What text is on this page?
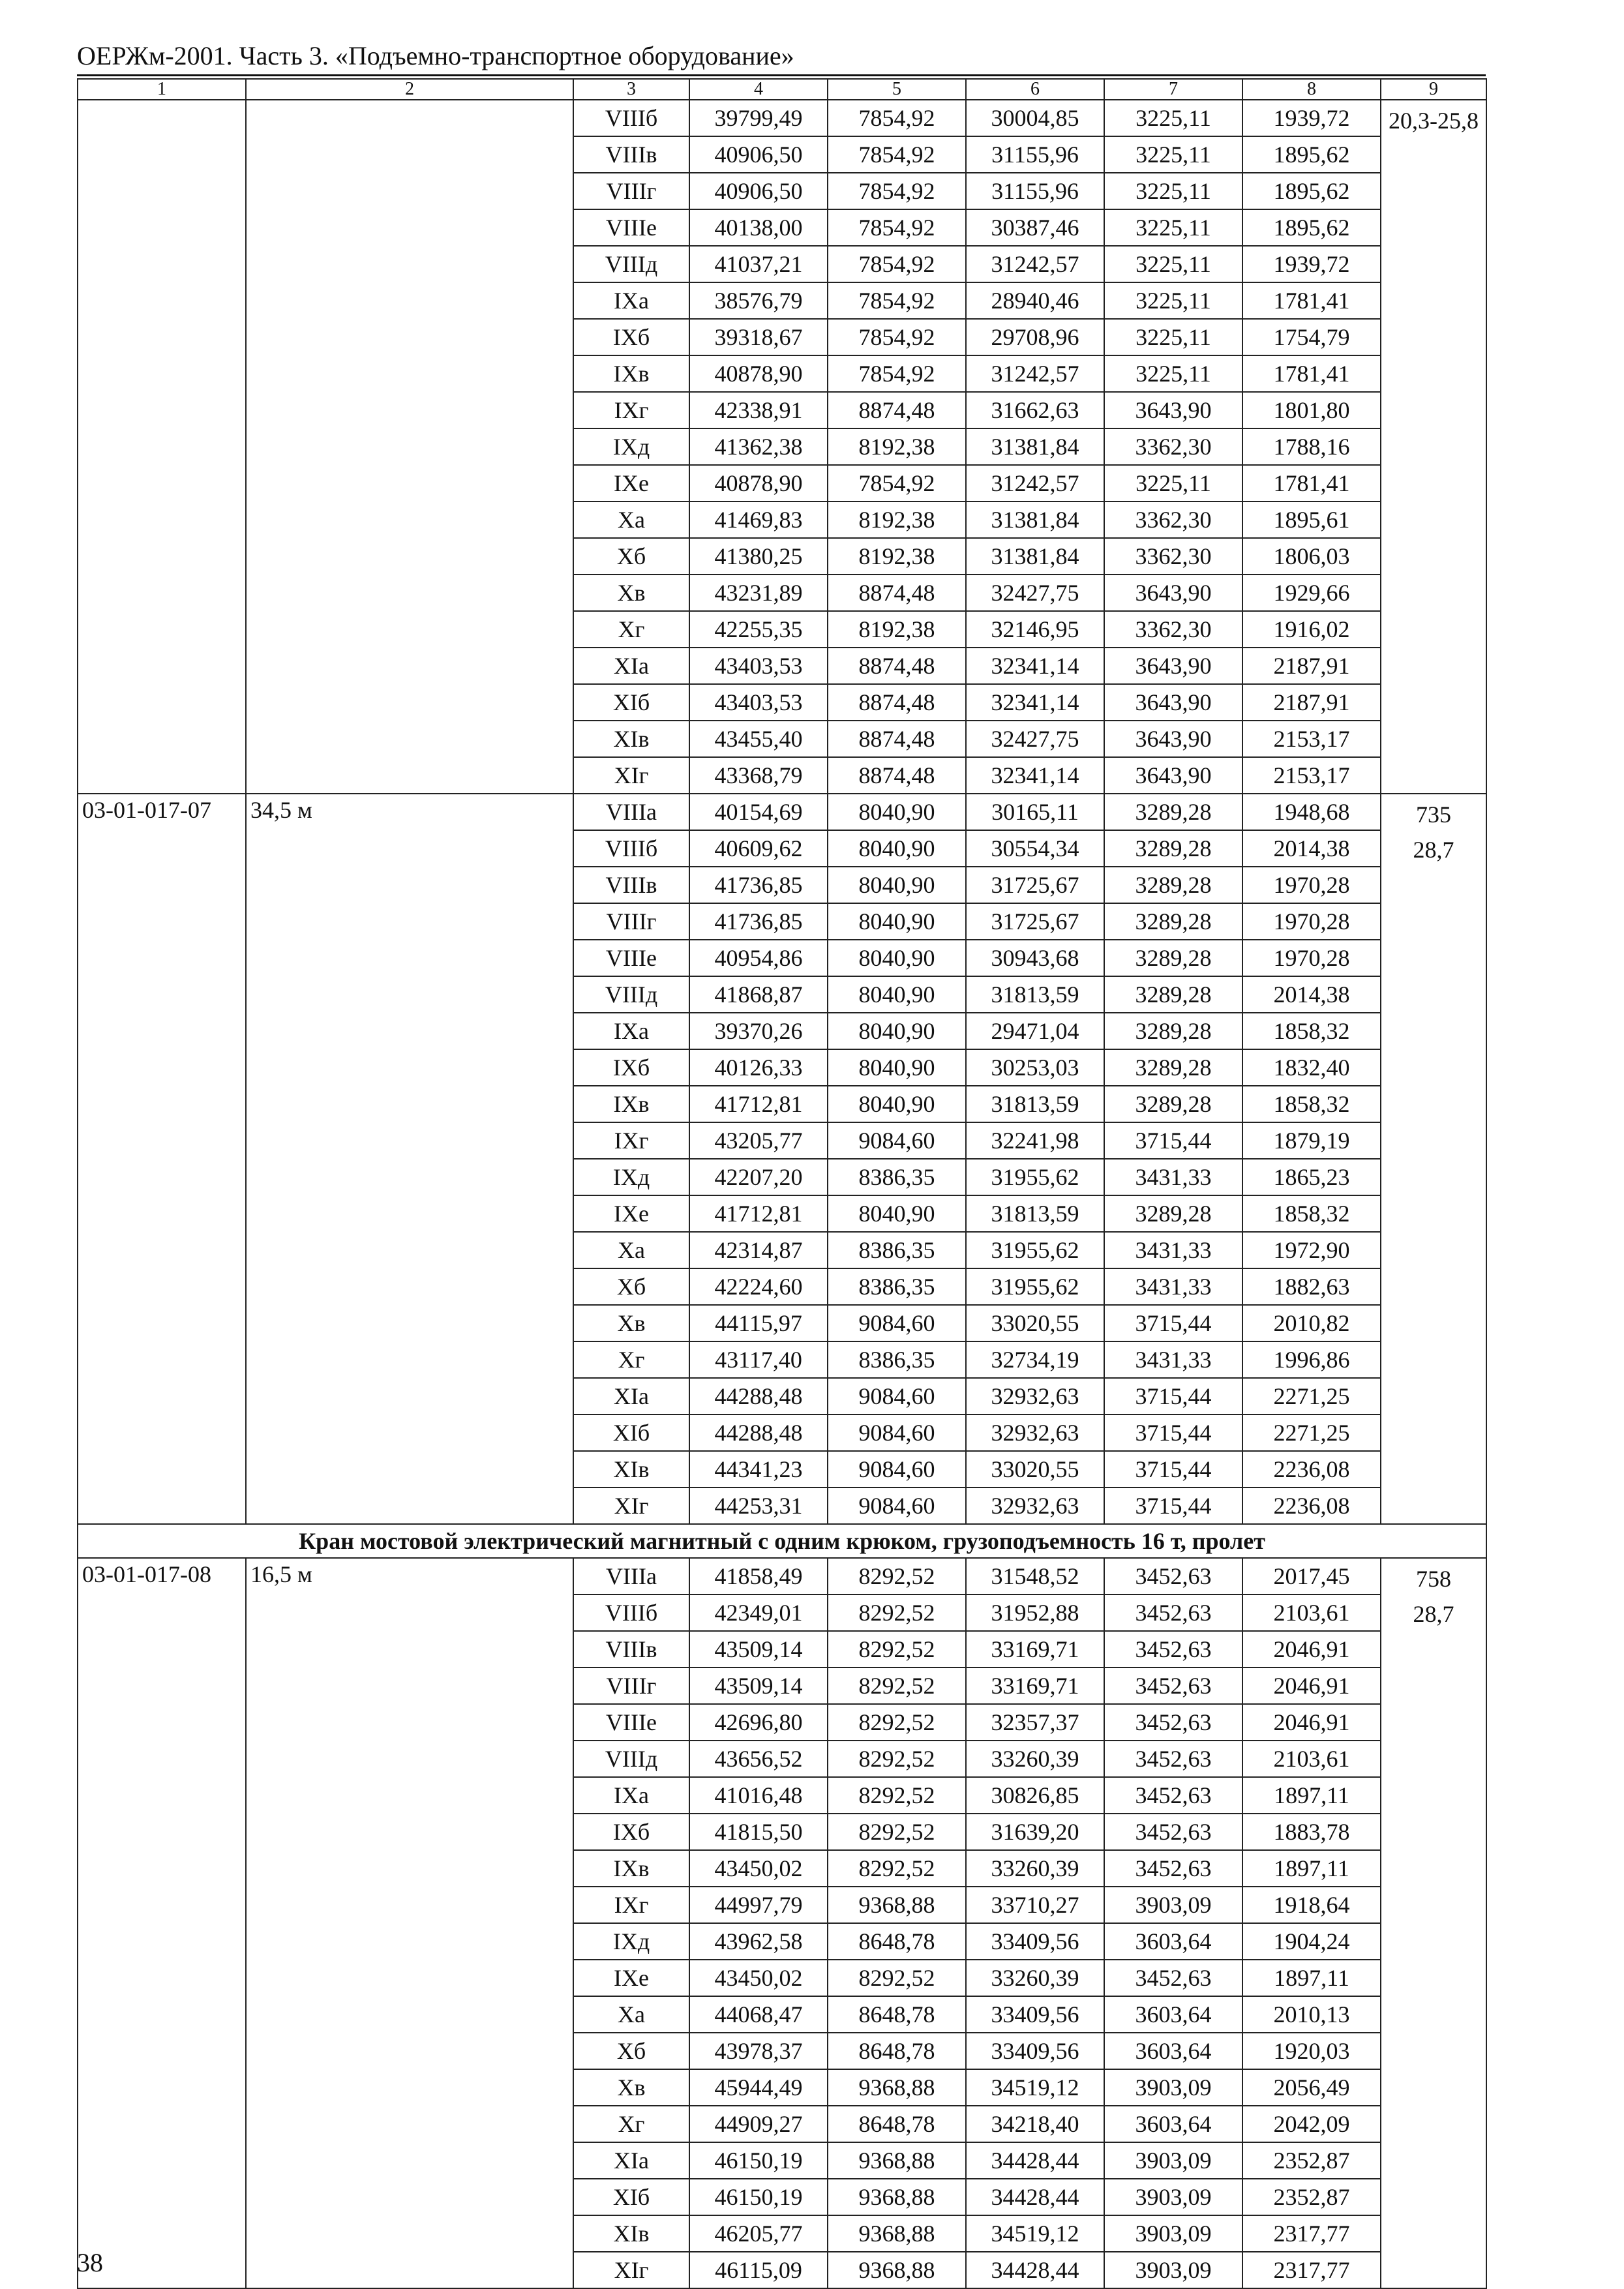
ОЕРЖм-2001. Часть 3. «Подъемно-транспортное оборудование»
1	2	3	4	5	6	7	8	9
		VIIIб	39799,49	7854,92	30004,85	3225,11	1939,72	20,3-25,8

		VIIIв	40906,50	7854,92	31155,96	3225,11	1895,62	
		VIIIг	40906,50	7854,92	31155,96	3225,11	1895,62	
		VIIIе	40138,00	7854,92	30387,46	3225,11	1895,62	
		VIIIд	41037,21	7854,92	31242,57	3225,11	1939,72	
		IXа	38576,79	7854,92	28940,46	3225,11	1781,41	
		IXб	39318,67	7854,92	29708,96	3225,11	1754,79	
		IXв	40878,90	7854,92	31242,57	3225,11	1781,41	
		IXг	42338,91	8874,48	31662,63	3643,90	1801,80	
		IXд	41362,38	8192,38	31381,84	3362,30	1788,16	
		IXе	40878,90	7854,92	31242,57	3225,11	1781,41	
		Xа	41469,83	8192,38	31381,84	3362,30	1895,61	
		Xб	41380,25	8192,38	31381,84	3362,30	1806,03	
		Xв	43231,89	8874,48	32427,75	3643,90	1929,66	
		Xг	42255,35	8192,38	32146,95	3362,30	1916,02	
		XIа	43403,53	8874,48	32341,14	3643,90	2187,91	
		XIб	43403,53	8874,48	32341,14	3643,90	2187,91	
		XIв	43455,40	8874,48	32427,75	3643,90	2153,17	
		XIг	43368,79	8874,48	32341,14	3643,90	2153,17	
03-01-017-07	34,5 м	VIIIа	40154,69	8040,90	30165,11	3289,28	1948,68	735
28,7

		VIIIб	40609,62	8040,90	30554,34	3289,28	2014,38	
		VIIIв	41736,85	8040,90	31725,67	3289,28	1970,28	
		VIIIг	41736,85	8040,90	31725,67	3289,28	1970,28	
		VIIIе	40954,86	8040,90	30943,68	3289,28	1970,28	
		VIIIд	41868,87	8040,90	31813,59	3289,28	2014,38	
		IXа	39370,26	8040,90	29471,04	3289,28	1858,32	
		IXб	40126,33	8040,90	30253,03	3289,28	1832,40	
		IXв	41712,81	8040,90	31813,59	3289,28	1858,32	
		IXг	43205,77	9084,60	32241,98	3715,44	1879,19	
		IXд	42207,20	8386,35	31955,62	3431,33	1865,23	
		IXе	41712,81	8040,90	31813,59	3289,28	1858,32	
		Xа	42314,87	8386,35	31955,62	3431,33	1972,90	
		Xб	42224,60	8386,35	31955,62	3431,33	1882,63	
		Xв	44115,97	9084,60	33020,55	3715,44	2010,82	
		Xг	43117,40	8386,35	32734,19	3431,33	1996,86	
		XIа	44288,48	9084,60	32932,63	3715,44	2271,25	
		XIб	44288,48	9084,60	32932,63	3715,44	2271,25	
		XIв	44341,23	9084,60	33020,55	3715,44	2236,08	
		XIг	44253,31	9084,60	32932,63	3715,44	2236,08	
Кран мостовой электрический магнитный с одним крюком, грузоподъемность 16 т, пролет								
03-01-017-08	16,5 м	VIIIа	41858,49	8292,52	31548,52	3452,63	2017,45	758
28,7

		VIIIб	42349,01	8292,52	31952,88	3452,63	2103,61	
		VIIIв	43509,14	8292,52	33169,71	3452,63	2046,91	
		VIIIг	43509,14	8292,52	33169,71	3452,63	2046,91	
		VIIIе	42696,80	8292,52	32357,37	3452,63	2046,91	
		VIIIд	43656,52	8292,52	33260,39	3452,63	2103,61	
		IXа	41016,48	8292,52	30826,85	3452,63	1897,11	
		IXб	41815,50	8292,52	31639,20	3452,63	1883,78	
		IXв	43450,02	8292,52	33260,39	3452,63	1897,11	
		IXг	44997,79	9368,88	33710,27	3903,09	1918,64	
		IXд	43962,58	8648,78	33409,56	3603,64	1904,24	
		IXе	43450,02	8292,52	33260,39	3452,63	1897,11	
		Xа	44068,47	8648,78	33409,56	3603,64	2010,13	
		Xб	43978,37	8648,78	33409,56	3603,64	1920,03	
		Xв	45944,49	9368,88	34519,12	3903,09	2056,49	
		Xг	44909,27	8648,78	34218,40	3603,64	2042,09	
		XIа	46150,19	9368,88	34428,44	3903,09	2352,87	
		XIб	46150,19	9368,88	34428,44	3903,09	2352,87	
		XIв	46205,77	9368,88	34519,12	3903,09	2317,77	
		XIг	46115,09	9368,88	34428,44	3903,09	2317,77	
38
